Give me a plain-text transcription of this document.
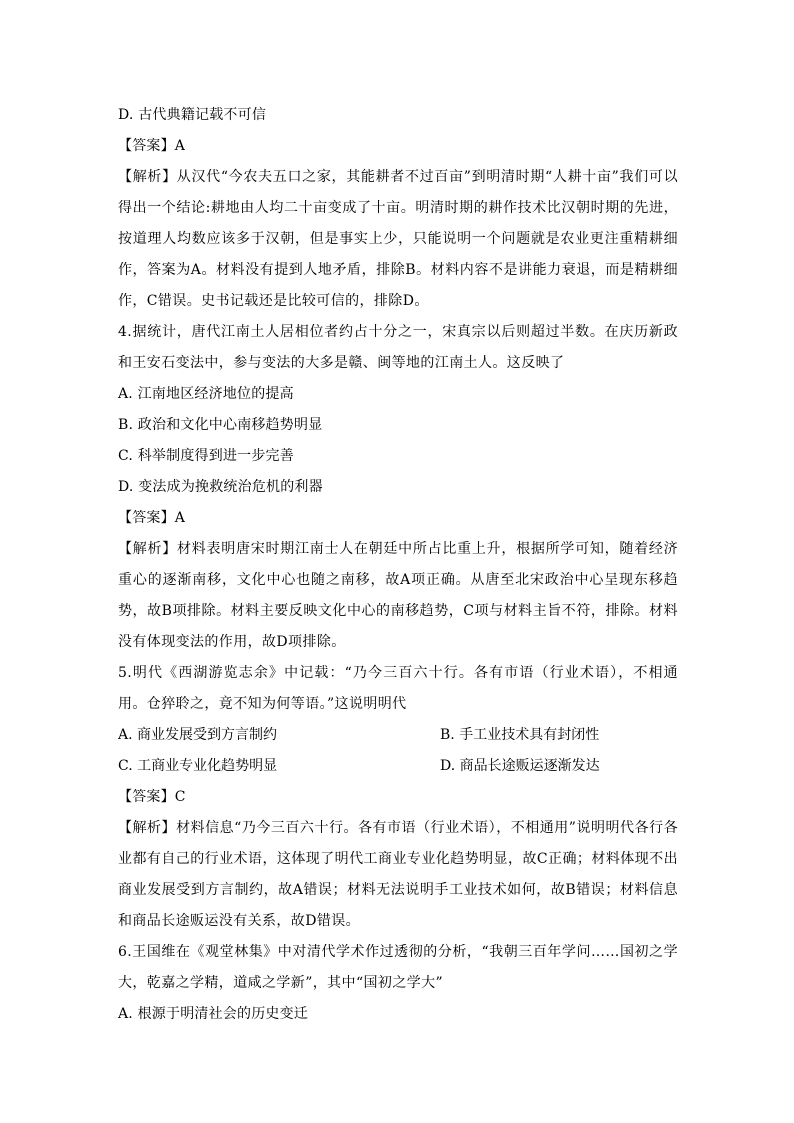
D. 古代典籍记载不可信
【答案】A
【解析】从汉代“今农夫五口之家，其能耕者不过百亩”到明清时期“人耕十亩”我们可以得出一个结论:耕地由人均二十亩变成了十亩。明清时期的耕作技术比汉朝时期的先进，按道理人均数应该多于汉朝，但是事实上少，只能说明一个问题就是农业更注重精耕细作，答案为A。材料没有提到人地矛盾，排除B。材料内容不是讲能力衰退，而是精耕细作，C错误。史书记载还是比较可信的，排除D。
4.据统计，唐代江南土人居相位者约占十分之一，宋真宗以后则超过半数。在庆历新政和王安石变法中，参与变法的大多是赣、闽等地的江南土人。这反映了
A. 江南地区经济地位的提高
B. 政治和文化中心南移趋势明显
C. 科举制度得到进一步完善
D. 变法成为挽救统治危机的利器
【答案】A
【解析】材料表明唐宋时期江南士人在朝廷中所占比重上升，根据所学可知，随着经济重心的逐渐南移，文化中心也随之南移，故A项正确。从唐至北宋政治中心呈现东移趋势，故B项排除。材料主要反映文化中心的南移趋势，C项与材料主旨不符，排除。材料没有体现变法的作用，故D项排除。
5.明代《西湖游览志余》中记载：“乃今三百六十行。各有市语（行业术语），不相通用。仓猝聆之，竟不知为何等语。”这说明明代
A. 商业发展受到方言制约	B. 手工业技术具有封闭性
C. 工商业专业化趋势明显	D. 商品长途贩运逐渐发达
【答案】C
【解析】材料信息“乃今三百六十行。各有市语（行业术语），不相通用”说明明代各行各业都有自己的行业术语，这体现了明代工商业专业化趋势明显，故C正确；材料体现不出商业发展受到方言制约，故A错误；材料无法说明手工业技术如何，故B错误；材料信息和商品长途贩运没有关系，故D错误。
6.王国维在《观堂林集》中对清代学术作过透彻的分析，“我朝三百年学问……国初之学大，乾嘉之学精，道咸之学新”，其中“国初之学大”
A. 根源于明清社会的历史变迁
